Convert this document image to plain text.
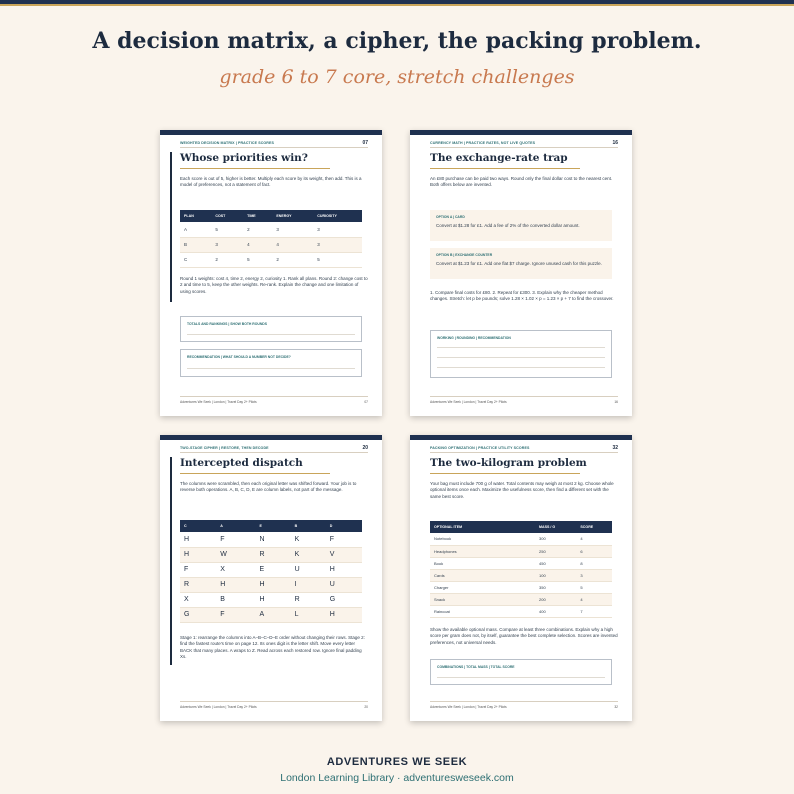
A decision matrix, a cipher, the packing problem.
grade 6 to 7 core, stretch challenges
WEIGHTED DECISION MATRIX | PRACTICE SCORES	07
Whose priorities win?
Each score is out of 5, higher is better. Multiply each score by its weight, then add. This is a model of preferences, not a statement of fact.
PLAN	COST	TIME	ENERGY	CURIOSITY
A	5	2	3	3
B	3	4	4	3
C	2	5	2	5
Round 1 weights: cost 4, time 2, energy 2, curiosity 1. Rank all plans. Round 2: change cost to 2 and time to 5, keep the other weights. Re-rank. Explain the change and one limitation of using scores.
TOTALS AND RANKINGS | SHOW BOTH ROUNDS
RECOMMENDATION | WHAT SHOULD A NUMBER NOT DECIDE?
Adventures We Seek | London | Travel Day 2+ Pilots	07
CURRENCY MATH | PRACTICE RATES, NOT LIVE QUOTES	16
The exchange-rate trap
An £80 purchase can be paid two ways. Round only the final dollar cost to the nearest cent. Both offers below are invented.
OPTION A | CARD
Convert at $1.28 for £1. Add a fee of 2% of the converted dollar amount.
OPTION B | EXCHANGE COUNTER
Convert at $1.23 for £1. Add one flat $7 charge. Ignore unused cash for this puzzle.
1. Compare final costs for £80. 2. Repeat for £300. 3. Explain why the cheaper method changes. Stretch: let p be pounds; solve 1.28 × 1.02 × p = 1.23 × p + 7 to find the crossover.
WORKING | ROUNDING | RECOMMENDATION
Adventures We Seek | London | Travel Day 2+ Pilots	16
TWO-STAGE CIPHER | RESTORE, THEN DECODE	20
Intercepted dispatch
The columns were scrambled, then each original letter was shifted forward. Your job is to reverse both operations. A, B, C, D, E are column labels, not part of the message.
C	A	E	B	D
H	F	N	K	F
H	W	R	K	V
F	X	E	U	H
R	H	H	I	U
X	B	H	R	G
G	F	A	L	H
Stage 1: rearrange the columns into A–B–C–D–E order without changing their rows. Stage 2: find the fastest route's time on page 12. Its ones digit is the letter shift. Move every letter BACK that many places. A wraps to Z. Read across each restored row. Ignore final padding Xs.
Adventures We Seek | London | Travel Day 2+ Pilots	20
PACKING OPTIMIZATION | PRACTICE UTILITY SCORES	32
The two-kilogram problem
Your bag must include 700 g of water. Total contents may weigh at most 2 kg. Choose whole optional items once each. Maximize the usefulness score, then find a different set with the same best score.
OPTIONAL ITEM	MASS / G	SCORE
Notebook	300	4
Headphones	250	6
Book	450	8
Cards	100	3
Charger	350	5
Snack	200	4
Raincoat	400	7
Show the available optional mass. Compare at least three combinations. Explain why a high score per gram does not, by itself, guarantee the best complete selection. Scores are invented preferences, not universal needs.
COMBINATIONS | TOTAL MASS | TOTAL SCORE
Adventures We Seek | London | Travel Day 2+ Pilots	32
ADVENTURES WE SEEK
London Learning Library · adventuresweseek.com
